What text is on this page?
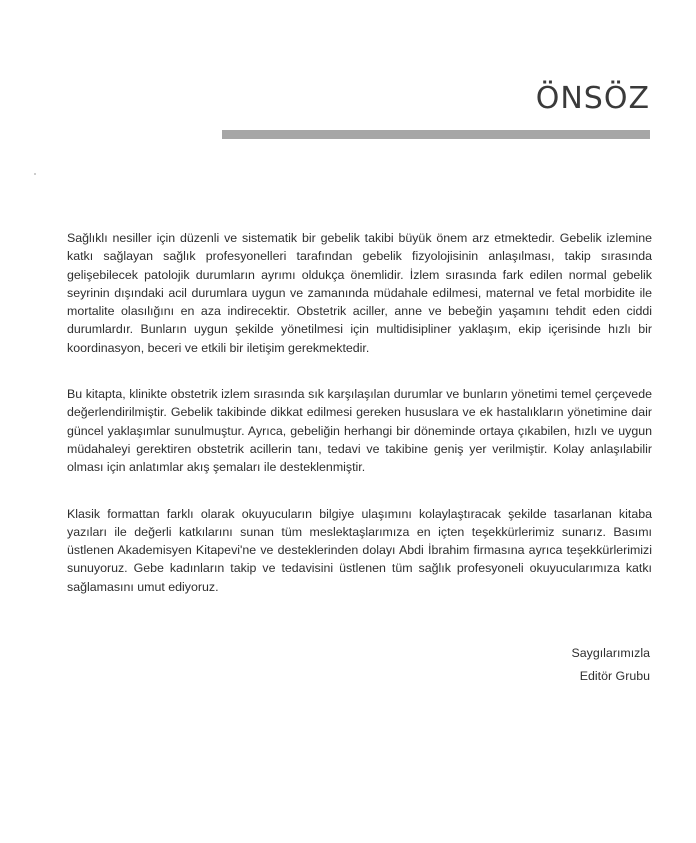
ÖNSÖZ

Sağlıklı nesiller için düzenli ve sistematik bir gebelik takibi büyük önem arz etmektedir. Gebelik izlemine katkı sağlayan sağlık profesyonelleri tarafından gebelik fizyolojisinin anlaşılması, takip sırasında gelişebilecek patolojik durumların ayrımı oldukça önemlidir. İzlem sırasında fark edilen normal gebelik seyrinin dışındaki acil durumlara uygun ve zamanında müdahale edilmesi, maternal ve fetal morbidite ile mortalite olasılığını en aza indirecektir. Obstetrik aciller, anne ve bebeğin yaşamını tehdit eden ciddi durumlardır. Bunların uygun şekilde yönetilmesi için multidisipliner yaklaşım, ekip içerisinde hızlı bir koordinasyon, beceri ve etkili bir iletişim gerekmektedir.

Bu kitapta, klinikte obstetrik izlem sırasında sık karşılaşılan durumlar ve bunların yönetimi temel çerçevede değerlendirilmiştir. Gebelik takibinde dikkat edilmesi gereken hususlara ve ek hastalıkların yönetimine dair güncel yaklaşımlar sunulmuştur. Ayrıca, gebeliğin herhangi bir döneminde ortaya çıkabilen, hızlı ve uygun müdahaleyi gerektiren obstetrik acillerin tanı, tedavi ve takibine geniş yer verilmiştir. Kolay anlaşılabilir olması için anlatımlar akış şemaları ile desteklenmiştir.

Klasik formattan farklı olarak okuyucuların bilgiye ulaşımını kolaylaştıracak şekilde tasarlanan kitaba yazıları ile değerli katkılarını sunan tüm meslektaşlarımıza en içten teşekkürlerimiz sunarız. Basımı üstlenen Akademisyen Kitapevi'ne ve desteklerinden dolayı Abdi İbrahim firmasına ayrıca teşekkürlerimizi sunuyoruz. Gebe kadınların takip ve tedavisini üstlenen tüm sağlık profesyoneli okuyucularımıza katkı sağlamasını umut ediyoruz.

Saygılarımızla
Editör Grubu
